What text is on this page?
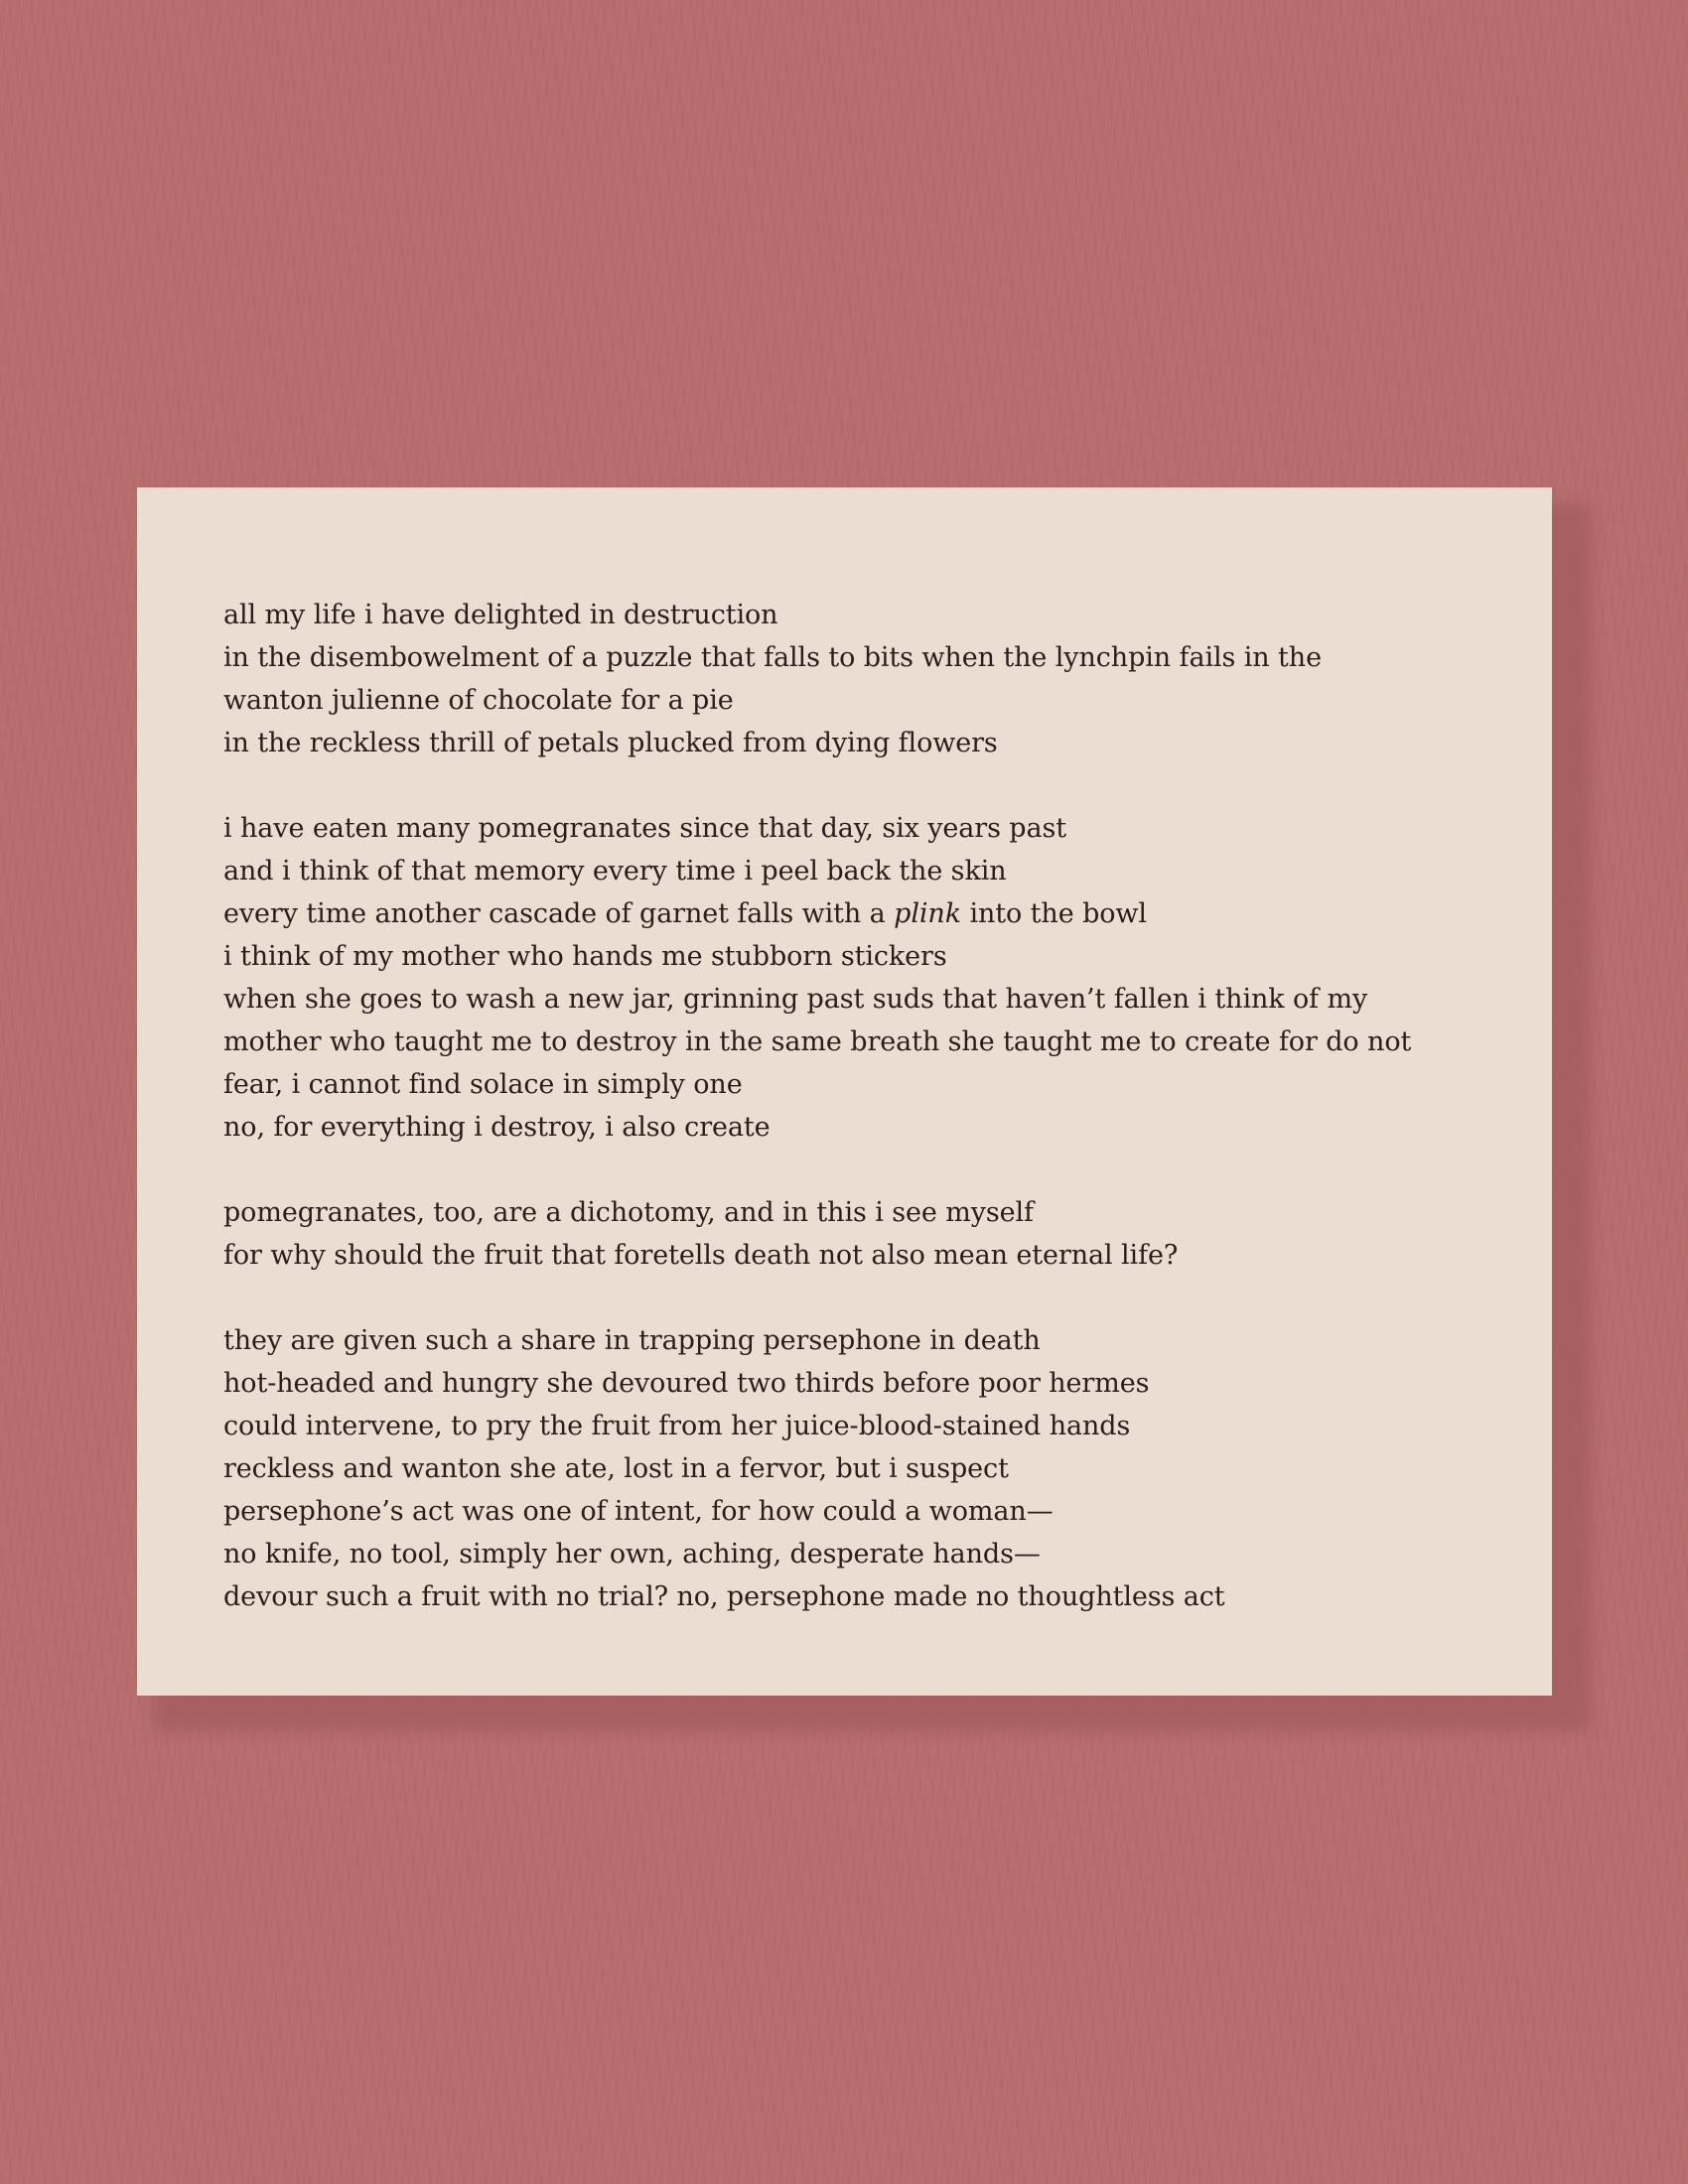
all my life i have delighted in destruction
in the disembowelment of a puzzle that falls to bits when the lynchpin fails in the
wanton julienne of chocolate for a pie
in the reckless thrill of petals plucked from dying flowers
i have eaten many pomegranates since that day, six years past
and i think of that memory every time i peel back the skin
every time another cascade of garnet falls with a plink into the bowl
i think of my mother who hands me stubborn stickers
when she goes to wash a new jar, grinning past suds that haven’t fallen i think of my
mother who taught me to destroy in the same breath she taught me to create for do not
fear, i cannot find solace in simply one
no, for everything i destroy, i also create
pomegranates, too, are a dichotomy, and in this i see myself
for why should the fruit that foretells death not also mean eternal life?
they are given such a share in trapping persephone in death
hot-headed and hungry she devoured two thirds before poor hermes
could intervene, to pry the fruit from her juice-blood-stained hands
reckless and wanton she ate, lost in a fervor, but i suspect
persephone’s act was one of intent, for how could a woman—
no knife, no tool, simply her own, aching, desperate hands—
devour such a fruit with no trial? no, persephone made no thoughtless act
